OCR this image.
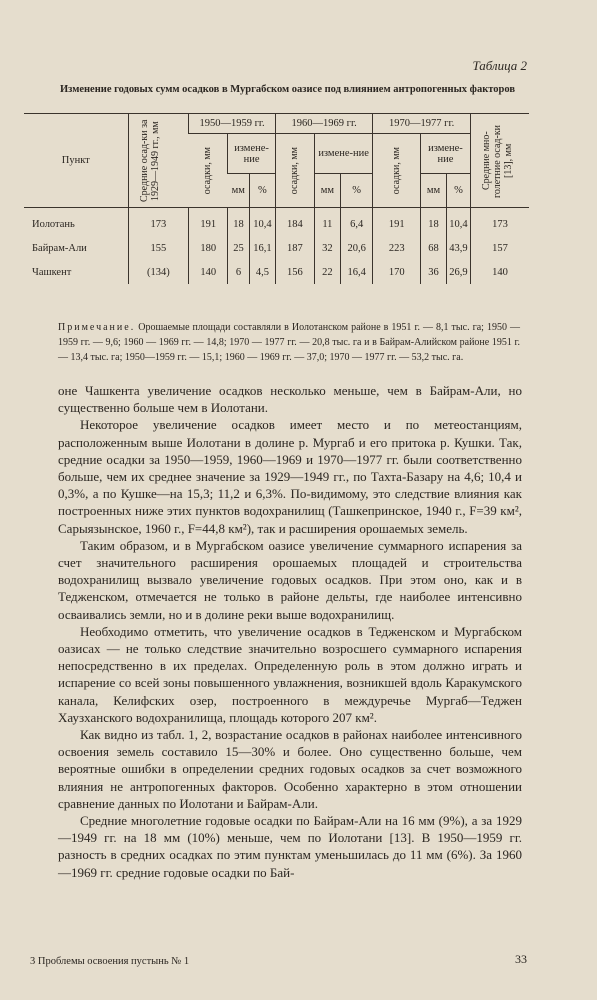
Таблица 2
Изменение годовых сумм осадков в Мургабском оазисе под влиянием антропогенных факторов
Пункт	Средние осад-ки за 1929—1949 гг., мм	1950—1959 гг.			1960—1969 гг.			1970—1977 гг.			Средние мно-голетние осад-ки [13], мм

		осадки, мм	измене-ние		осадки, мм	измене-ние		осадки, мм	измене-ние		
			мм	%		мм	%		мм	%	
Иолотань	173	191	18	10,4	184	11	6,4	191	18	10,4	173
Байрам-Али	155	180	25	16,1	187	32	20,6	223	68	43,9	157
Чашкент	(134)	140	6	4,5	156	22	16,4	170	36	26,9	140
Примечание. Орошаемые площади составляли в Иолотанском районе в 1951 г. — 8,1 тыс. га; 1950 — 1959 гг. — 9,6; 1960 — 1969 гг. — 14,8; 1970 — 1977 гг. — 20,8 тыс. га и в Байрам-Алийском районе 1951 г. — 13,4 тыс. га; 1950—1959 гг. — 15,1; 1960 — 1969 гг. — 37,0; 1970 — 1977 гг. — 53,2 тыс. га.

оне Чашкента увеличение осадков несколько меньше, чем в Байрам-Али, но существенно больше чем в Иолотани.

Некоторое увеличение осадков имеет место и по метеостанциям, расположенным выше Иолотани в долине р. Мургаб и его притока р. Кушки. Так, средние осадки за 1950—1959, 1960—1969 и 1970—1977 гг. были соответственно больше, чем их среднее значение за 1929—1949 гг., по Тахта-Базару на 4,6; 10,4 и 0,3%, а по Кушке—на 15,3; 11,2 и 6,3%. По-видимому, это следствие влияния как построенных ниже этих пунктов водохранилищ (Ташкепринское, 1940 г., F=39 км², Сарыязынское, 1960 г., F=44,8 км²), так и расширения орошаемых земель.

Таким образом, и в Мургабском оазисе увеличение суммарного испарения за счет значительного расширения орошаемых площадей и строительства водохранилищ вызвало увеличение годовых осадков. При этом оно, как и в Тедженском, отмечается не только в районе дельты, где наиболее интенсивно осваивались земли, но и в долине реки выше водохранилищ.

Необходимо отметить, что увеличение осадков в Тедженском и Мургабском оазисах — не только следствие значительно возросшего суммарного испарения непосредственно в их пределах. Определенную роль в этом должно играть и испарение со всей зоны повышенного увлажнения, возникшей вдоль Каракумского канала, Келифских озер, построенного в междуречье Мургаб—Теджен Хаузханского водохранилища, площадь которого 207 км².

Как видно из табл. 1, 2, возрастание осадков в районах наиболее интенсивного освоения земель составило 15—30% и более. Оно существенно больше, чем вероятные ошибки в определении средних годовых осадков за счет возможного влияния не антропогенных факторов. Особенно характерно в этом отношении сравнение данных по Иолотани и Байрам-Али.

Средние многолетние годовые осадки по Байрам-Али на 16 мм (9%), а за 1929—1949 гг. на 18 мм (10%) меньше, чем по Иолотани [13]. В 1950—1959 гг. разность в средних осадках по этим пунктам уменьшилась до 11 мм (6%). За 1960—1969 гг. средние годовые осадки по Бай-

3 Проблемы освоения пустынь № 1	33
